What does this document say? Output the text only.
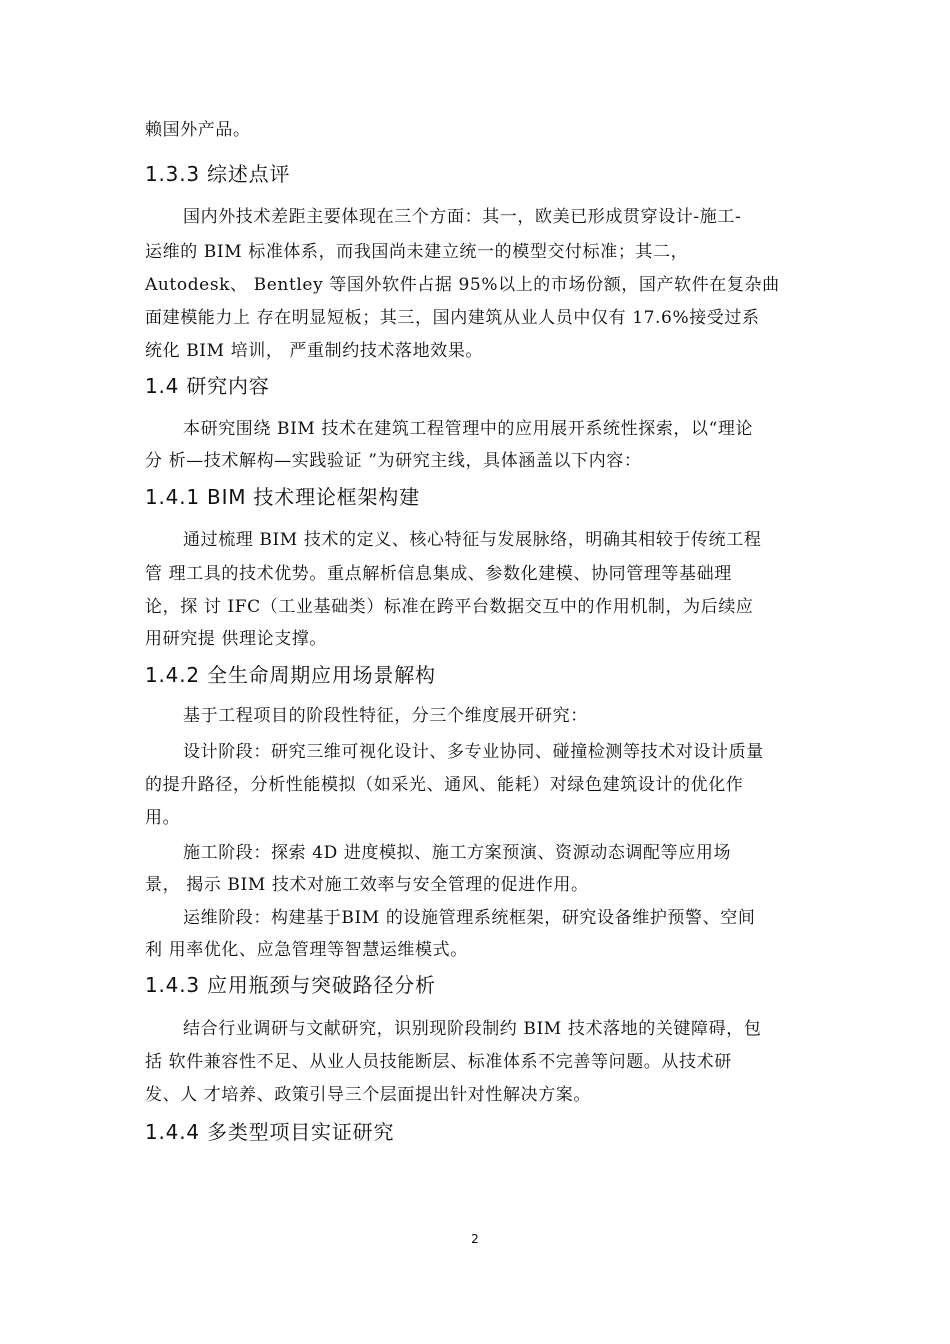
赖国外产品。
1.3.3 综述点评
国内外技术差距主要体现在三个方面：其一，欧美已形成贯穿设计-施工-
运维的 BIM 标准体系，而我国尚未建立统一的模型交付标准；其二，
Autodesk、 Bentley 等国外软件占据 95%以上的市场份额，国产软件在复杂曲
面建模能力上 存在明显短板；其三，国内建筑从业人员中仅有 17.6%接受过系
统化 BIM 培训， 严重制约技术落地效果。
1.4 研究内容
本研究围绕 BIM 技术在建筑工程管理中的应用展开系统性探索，以“理论
分 析—技术解构—实践验证 ”为研究主线，具体涵盖以下内容：
1.4.1 BIM 技术理论框架构建
通过梳理 BIM 技术的定义、核心特征与发展脉络，明确其相较于传统工程
管 理工具的技术优势。重点解析信息集成、参数化建模、协同管理等基础理
论，探 讨 IFC（工业基础类）标准在跨平台数据交互中的作用机制，为后续应
用研究提 供理论支撑。
1.4.2 全生命周期应用场景解构
基于工程项目的阶段性特征，分三个维度展开研究：
设计阶段：研究三维可视化设计、多专业协同、碰撞检测等技术对设计质量
的提升路径，分析性能模拟（如采光、通风、能耗）对绿色建筑设计的优化作
用。
施工阶段：探索 4D 进度模拟、施工方案预演、资源动态调配等应用场
景， 揭示 BIM 技术对施工效率与安全管理的促进作用。
运维阶段：构建基于BIM 的设施管理系统框架，研究设备维护预警、空间
利 用率优化、应急管理等智慧运维模式。
1.4.3 应用瓶颈与突破路径分析
结合行业调研与文献研究，识别现阶段制约 BIM 技术落地的关键障碍，包
括 软件兼容性不足、从业人员技能断层、标准体系不完善等问题。从技术研
发、人 才培养、政策引导三个层面提出针对性解决方案。
1.4.4 多类型项目实证研究
2
